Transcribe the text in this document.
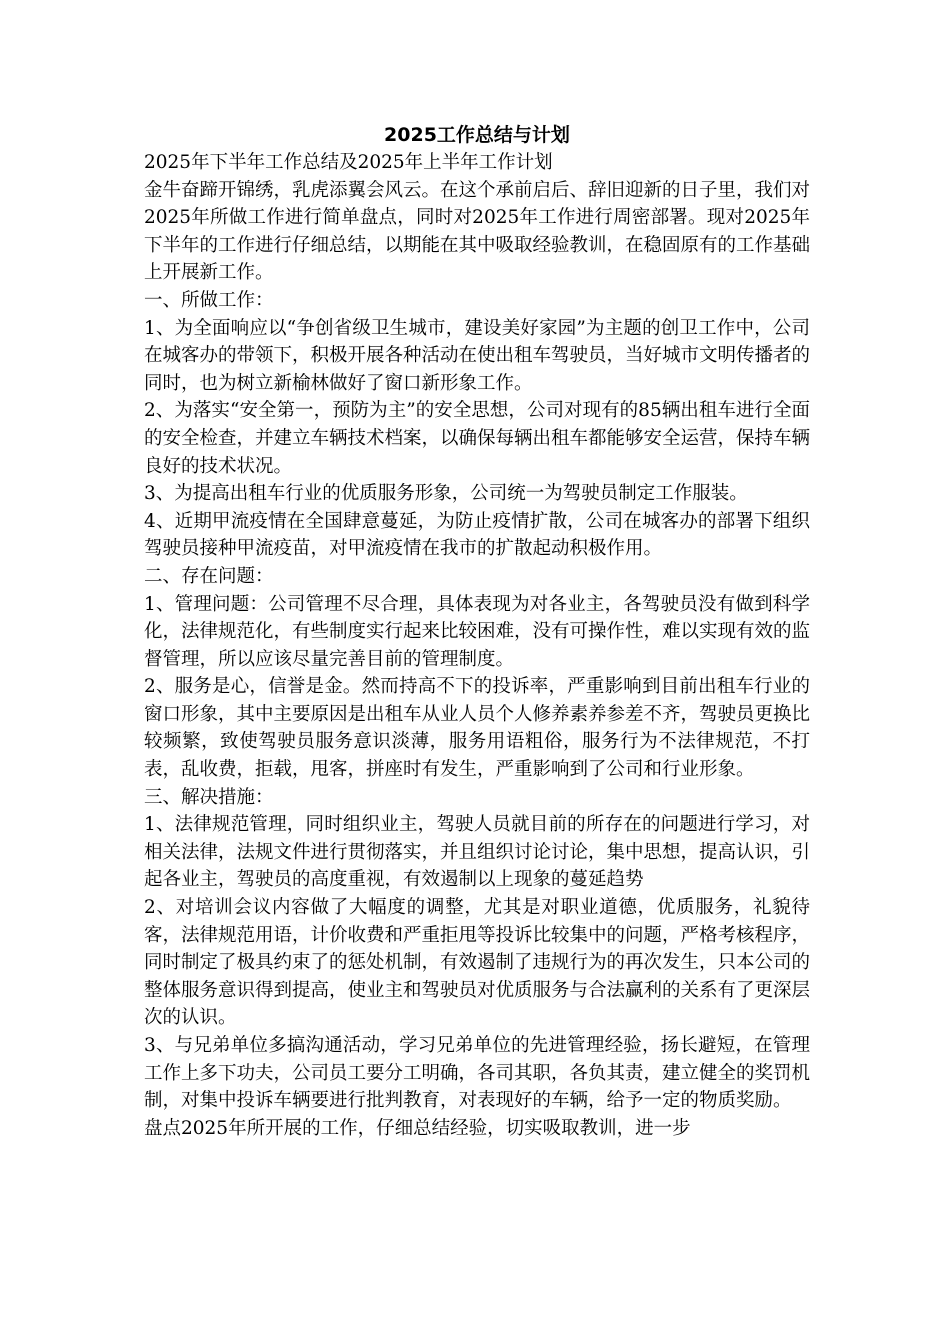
2025工作总结与计划

2025年下半年工作总结及2025年上半年工作计划

金牛奋蹄开锦绣，乳虎添翼会风云。在这个承前启后、辞旧迎新的日子里，我们对2025年所做工作进行简单盘点，同时对2025年工作进行周密部署。现对2025年下半年的工作进行仔细总结，以期能在其中吸取经验教训，在稳固原有的工作基础上开展新工作。

一、所做工作：

1、为全面响应以“争创省级卫生城市，建设美好家园”为主题的创卫工作中，公司在城客办的带领下，积极开展各种活动在使出租车驾驶员，当好城市文明传播者的同时，也为树立新榆林做好了窗口新形象工作。

2、为落实“安全第一，预防为主”的安全思想，公司对现有的85辆出租车进行全面的安全检查，并建立车辆技术档案，以确保每辆出租车都能够安全运营，保持车辆良好的技术状况。

3、为提高出租车行业的优质服务形象，公司统一为驾驶员制定工作服装。

4、近期甲流疫情在全国肆意蔓延，为防止疫情扩散，公司在城客办的部署下组织驾驶员接种甲流疫苗，对甲流疫情在我市的扩散起动积极作用。

二、存在问题：

1、管理问题：公司管理不尽合理，具体表现为对各业主，各驾驶员没有做到科学化，法律规范化，有些制度实行起来比较困难，没有可操作性，难以实现有效的监督管理，所以应该尽量完善目前的管理制度。

2、服务是心，信誉是金。然而持高不下的投诉率，严重影响到目前出租车行业的窗口形象，其中主要原因是出租车从业人员个人修养素养参差不齐，驾驶员更换比较频繁，致使驾驶员服务意识淡薄，服务用语粗俗，服务行为不法律规范，不打表，乱收费，拒载，甩客，拼座时有发生，严重影响到了公司和行业形象。

三、解决措施：

1、法律规范管理，同时组织业主，驾驶人员就目前的所存在的问题进行学习，对相关法律，法规文件进行贯彻落实，并且组织讨论讨论，集中思想，提高认识，引起各业主，驾驶员的高度重视，有效遏制以上现象的蔓延趋势

2、对培训会议内容做了大幅度的调整，尤其是对职业道德，优质服务，礼貌待客，法律规范用语，计价收费和严重拒甩等投诉比较集中的问题，严格考核程序，同时制定了极具约束了的惩处机制，有效遏制了违规行为的再次发生，只本公司的整体服务意识得到提高，使业主和驾驶员对优质服务与合法赢利的关系有了更深层次的认识。

3、与兄弟单位多搞沟通活动，学习兄弟单位的先进管理经验，扬长避短，在管理工作上多下功夫，公司员工要分工明确，各司其职，各负其责，建立健全的奖罚机制，对集中投诉车辆要进行批判教育，对表现好的车辆，给予一定的物质奖励。

盘点2025年所开展的工作，仔细总结经验，切实吸取教训，进一步
